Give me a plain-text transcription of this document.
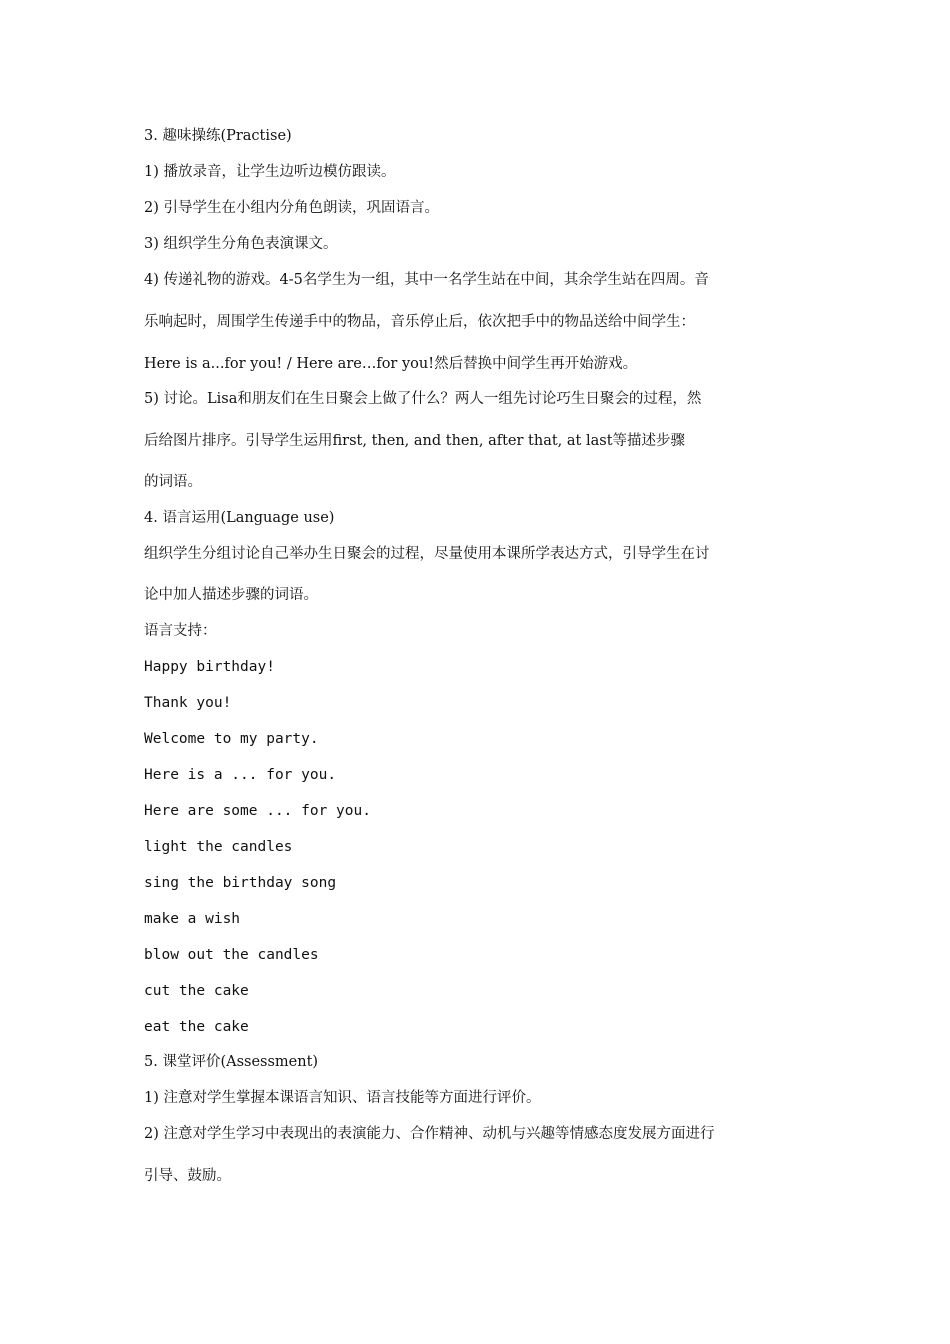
3. 趣味操练(Practise)
1) 播放录音，让学生边听边模仿跟读。
2) 引导学生在小组内分角色朗读，巩固语言。
3) 组织学生分角色表演课文。
4) 传递礼物的游戏。4-5名学生为一组，其中一名学生站在中间，其余学生站在四周。音
乐响起时，周围学生传递手中的物品，音乐停止后，依次把手中的物品送给中间学生：
Here is a...for you! / Here are…for you!然后替换中间学生再开始游戏。
5) 讨论。Lisa和朋友们在生日聚会上做了什么？两人一组先讨论巧生日聚会的过程，然
后给图片排序。引导学生运用first, then, and then, after that, at last等描述步骤
的词语。
4. 语言运用(Language use)
组织学生分组讨论自己举办生日聚会的过程，尽量使用本课所学表达方式，引导学生在讨
论中加人描述步骤的词语。
语言支持：
Happy birthday!
Thank you!
Welcome to my party.
Here is a ... for you.
Here are some ... for you.
light the candles
sing the birthday song
make a wish
blow out the candles
cut the cake
eat the cake
5. 课堂评价(Assessment)
1) 注意对学生掌握本课语言知识、语言技能等方面进行评价。
2) 注意对学生学习中表现出的表演能力、合作精神、动机与兴趣等情感态度发展方面进行
引导、鼓励。
